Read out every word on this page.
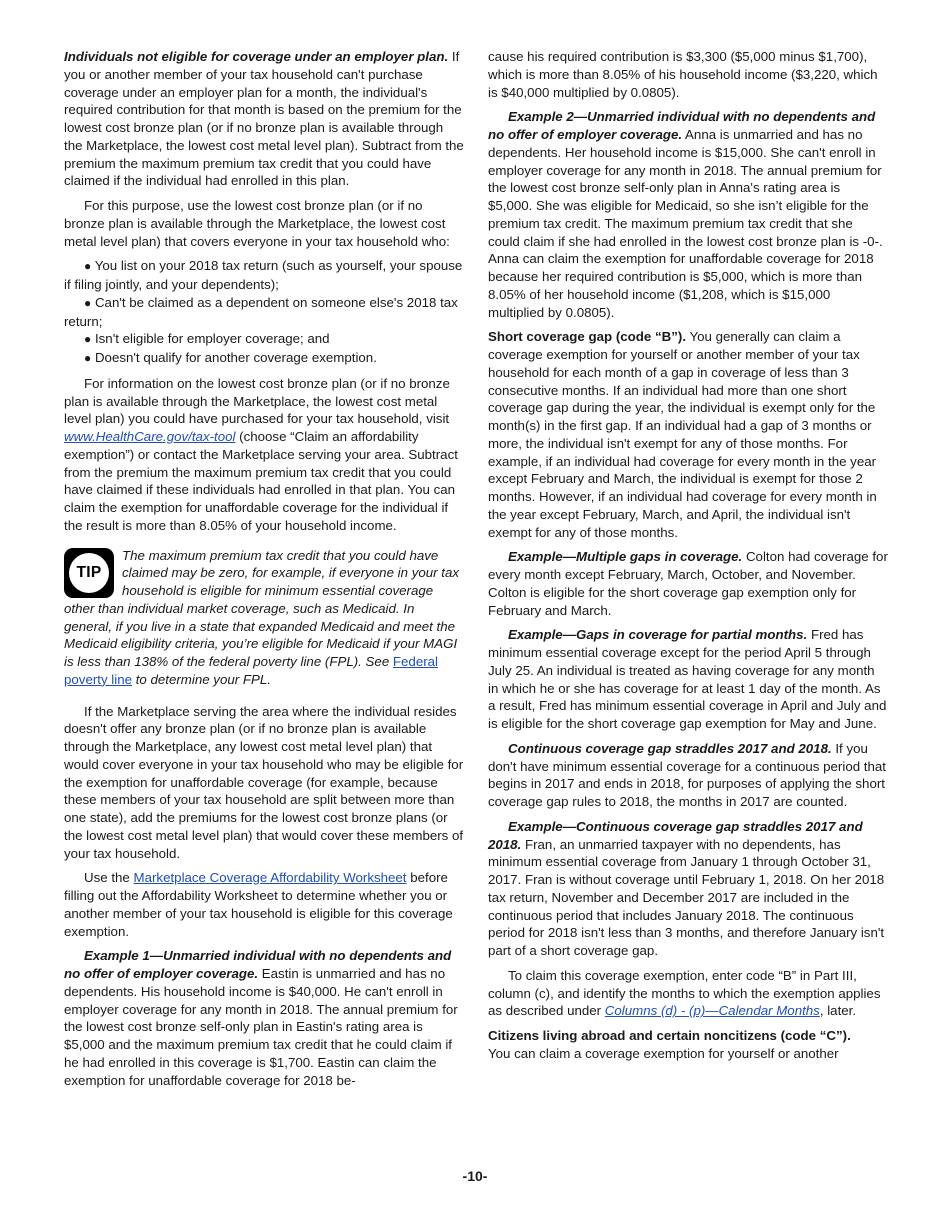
Individuals not eligible for coverage under an employer plan. If you or another member of your tax household can't purchase coverage under an employer plan for a month, the individual's required contribution for that month is based on the premium for the lowest cost bronze plan (or if no bronze plan is available through the Marketplace, the lowest cost metal level plan). Subtract from the premium the maximum premium tax credit that you could have claimed if the individual had enrolled in this plan.

For this purpose, use the lowest cost bronze plan (or if no bronze plan is available through the Marketplace, the lowest cost metal level plan) that covers everyone in your tax household who:

● You list on your 2018 tax return (such as yourself, your spouse if filing jointly, and your dependents);

● Can't be claimed as a dependent on someone else's 2018 tax return;

● Isn't eligible for employer coverage; and

● Doesn't qualify for another coverage exemption.

For information on the lowest cost bronze plan (or if no bronze plan is available through the Marketplace, the lowest cost metal level plan) you could have purchased for your tax household, visit www.HealthCare.gov/tax-tool (choose “Claim an affordability exemption”) or contact the Marketplace serving your area. Subtract from the premium the maximum premium tax credit that you could have claimed if these individuals had enrolled in that plan. You can claim the exemption for unaffordable coverage for the individual if the result is more than 8.05% of your household income.

TIP

The maximum premium tax credit that you could have claimed may be zero, for example, if everyone in your tax household is eligible for minimum essential coverage other than individual market coverage, such as Medicaid. In general, if you live in a state that expanded Medicaid and meet the Medicaid eligibility criteria, you’re eligible for Medicaid if your MAGI is less than 138% of the federal poverty line (FPL). See Federal poverty line to determine your FPL.

If the Marketplace serving the area where the individual resides doesn't offer any bronze plan (or if no bronze plan is available through the Marketplace, any lowest cost metal level plan) that would cover everyone in your tax household who may be eligible for the exemption for unaffordable coverage (for example, because these members of your tax household are split between more than one state), add the premiums for the lowest cost bronze plans (or the lowest cost metal level plan) that would cover these members of your tax household.

Use the Marketplace Coverage Affordability Worksheet before filling out the Affordability Worksheet to determine whether you or another member of your tax household is eligible for this coverage exemption.

Example 1—Unmarried individual with no dependents and no offer of employer coverage. Eastin is unmarried and has no dependents. His household income is $40,000. He can't enroll in employer coverage for any month in 2018. The annual premium for the lowest cost bronze self-only plan in Eastin's rating area is $5,000 and the maximum premium tax credit that he could claim if he had enrolled in this coverage is $1,700. Eastin can claim the exemption for unaffordable coverage for 2018 be-

cause his required contribution is $3,300 ($5,000 minus $1,700), which is more than 8.05% of his household income ($3,220, which is $40,000 multiplied by 0.0805).

Example 2—Unmarried individual with no dependents and no offer of employer coverage. Anna is unmarried and has no dependents. Her household income is $15,000. She can't enroll in employer coverage for any month in 2018. The annual premium for the lowest cost bronze self-only plan in Anna's rating area is $5,000. She was eligible for Medicaid, so she isn’t eligible for the premium tax credit. The maximum premium tax credit that she could claim if she had enrolled in the lowest cost bronze plan is -0-. Anna can claim the exemption for unaffordable coverage for 2018 because her required contribution is $5,000, which is more than 8.05% of her household income ($1,208, which is $15,000 multiplied by 0.0805).

Short coverage gap (code “B”). You generally can claim a coverage exemption for yourself or another member of your tax household for each month of a gap in coverage of less than 3 consecutive months. If an individual had more than one short coverage gap during the year, the individual is exempt only for the month(s) in the first gap. If an individual had a gap of 3 months or more, the individual isn't exempt for any of those months. For example, if an individual had coverage for every month in the year except February and March, the individual is exempt for those 2 months. However, if an individual had coverage for every month in the year except February, March, and April, the individual isn't exempt for any of those months.

Example—Multiple gaps in coverage. Colton had coverage for every month except February, March, October, and November. Colton is eligible for the short coverage gap exemption only for February and March.

Example—Gaps in coverage for partial months. Fred has minimum essential coverage except for the period April 5 through July 25. An individual is treated as having coverage for any month in which he or she has coverage for at least 1 day of the month. As a result, Fred has minimum essential coverage in April and July and is eligible for the short coverage gap exemption for May and June.

Continuous coverage gap straddles 2017 and 2018. If you don't have minimum essential coverage for a continuous period that begins in 2017 and ends in 2018, for purposes of applying the short coverage gap rules to 2018, the months in 2017 are counted.

Example—Continuous coverage gap straddles 2017 and 2018. Fran, an unmarried taxpayer with no dependents, has minimum essential coverage from January 1 through October 31, 2017. Fran is without coverage until February 1, 2018. On her 2018 tax return, November and December 2017 are included in the continuous period that includes January 2018. The continuous period for 2018 isn't less than 3 months, and therefore January isn't part of a short coverage gap.

To claim this coverage exemption, enter code “B” in Part III, column (c), and identify the months to which the exemption applies as described under Columns (d) - (p)—Calendar Months, later.

Citizens living abroad and certain noncitizens (code “C”).
You can claim a coverage exemption for yourself or another

-10-
